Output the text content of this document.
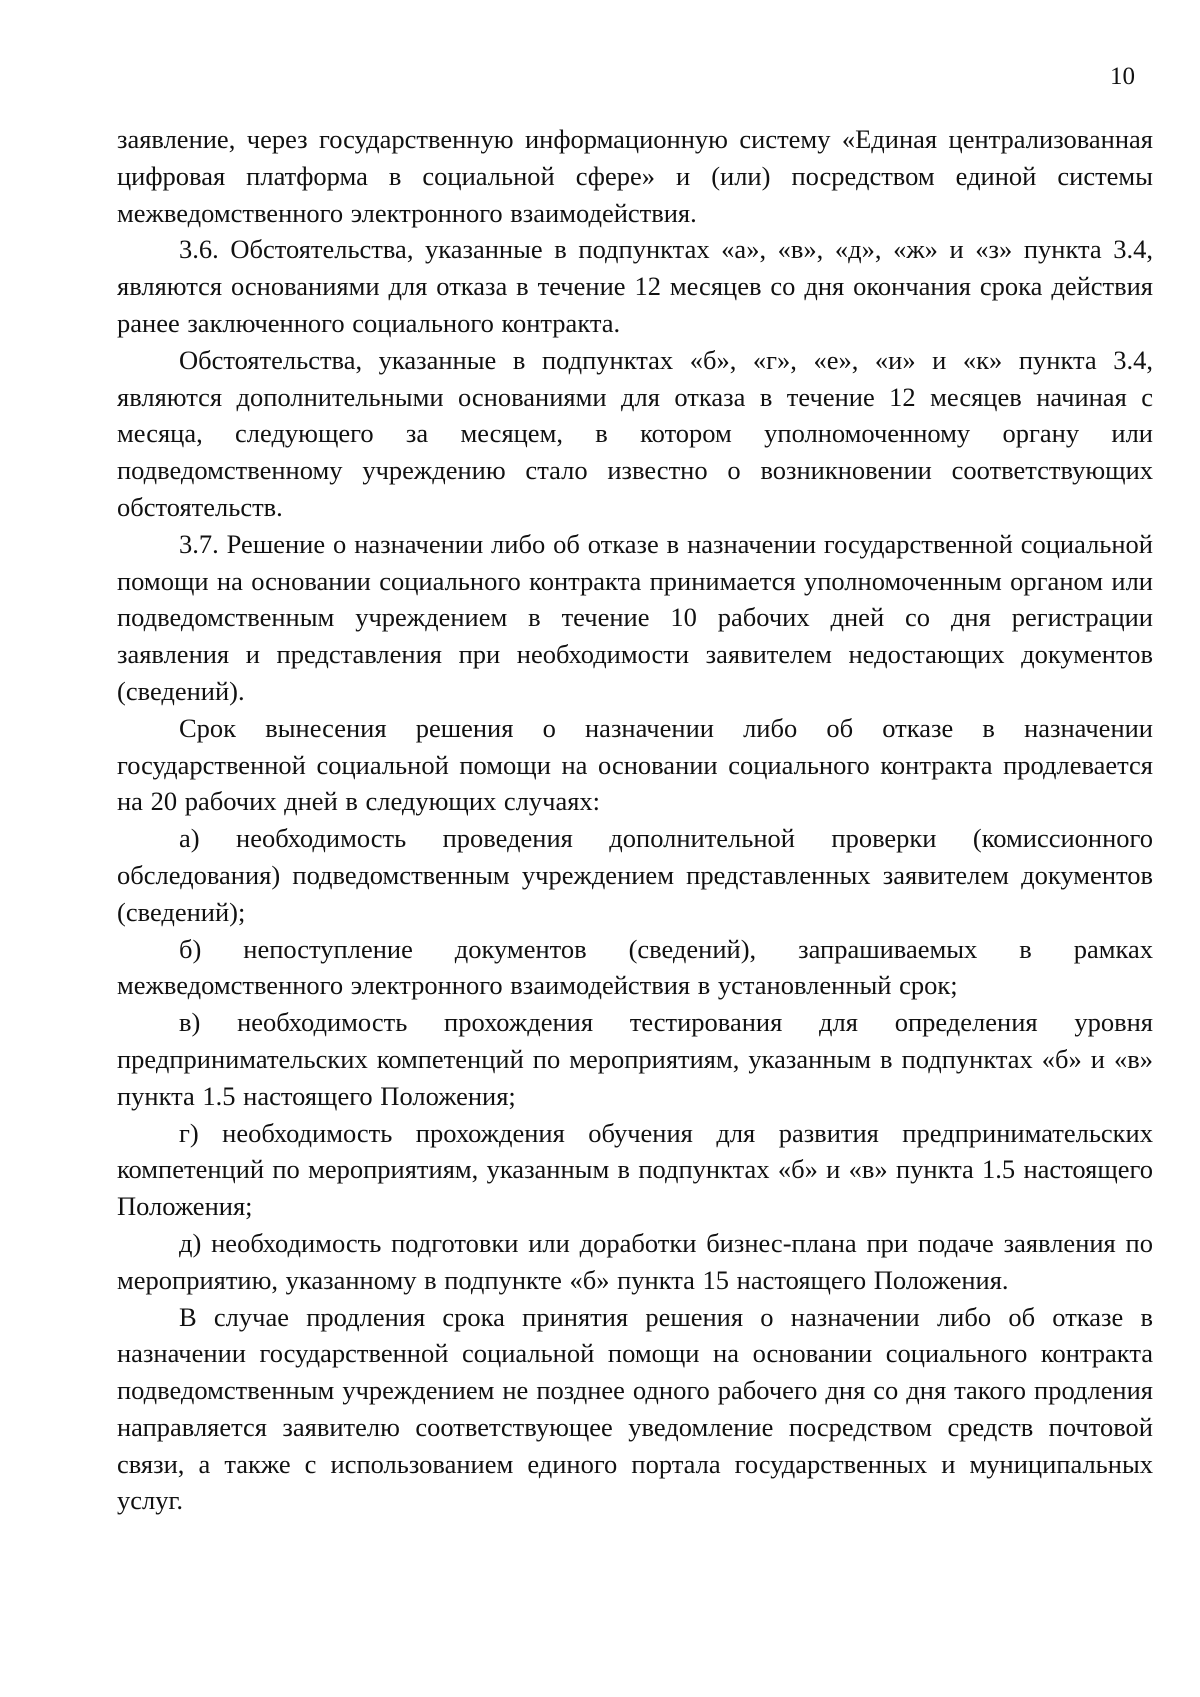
10

заявление, через государственную информационную систему «Единая централизованная цифровая платформа в социальной сфере» и (или) посредством единой системы межведомственного электронного взаимодействия.

3.6. Обстоятельства, указанные в подпунктах «а», «в», «д», «ж» и «з» пункта 3.4, являются основаниями для отказа в течение 12 месяцев со дня окончания срока действия ранее заключенного социального контракта.

Обстоятельства, указанные в подпунктах «б», «г», «е», «и» и «к» пункта 3.4, являются дополнительными основаниями для отказа в течение 12 месяцев начиная с месяца, следующего за месяцем, в котором уполномоченному органу или подведомственному учреждению стало известно о возникновении соответствующих обстоятельств.

3.7. Решение о назначении либо об отказе в назначении государственной социальной помощи на основании социального контракта принимается уполномоченным органом или подведомственным учреждением в течение 10 рабочих дней со дня регистрации заявления и представления при необходимости заявителем недостающих документов (сведений).

Срок вынесения решения о назначении либо об отказе в назначении государственной социальной помощи на основании социального контракта продлевается на 20 рабочих дней в следующих случаях:

а) необходимость проведения дополнительной проверки (комиссионного обследования) подведомственным учреждением представленных заявителем документов (сведений);

б) непоступление документов (сведений), запрашиваемых в рамках межведомственного электронного взаимодействия в установленный срок;

в) необходимость прохождения тестирования для определения уровня предпринимательских компетенций по мероприятиям, указанным в подпунктах «б» и «в» пункта 1.5 настоящего Положения;

г) необходимость прохождения обучения для развития предпринимательских компетенций по мероприятиям, указанным в подпунктах «б» и «в» пункта 1.5 настоящего Положения;

д) необходимость подготовки или доработки бизнес-плана при подаче заявления по мероприятию, указанному в подпункте «б» пункта 15 настоящего Положения.

В случае продления срока принятия решения о назначении либо об отказе в назначении государственной социальной помощи на основании социального контракта подведомственным учреждением не позднее одного рабочего дня со дня такого продления направляется заявителю соответствующее уведомление посредством средств почтовой связи, а также с использованием единого портала государственных и муниципальных услуг.
